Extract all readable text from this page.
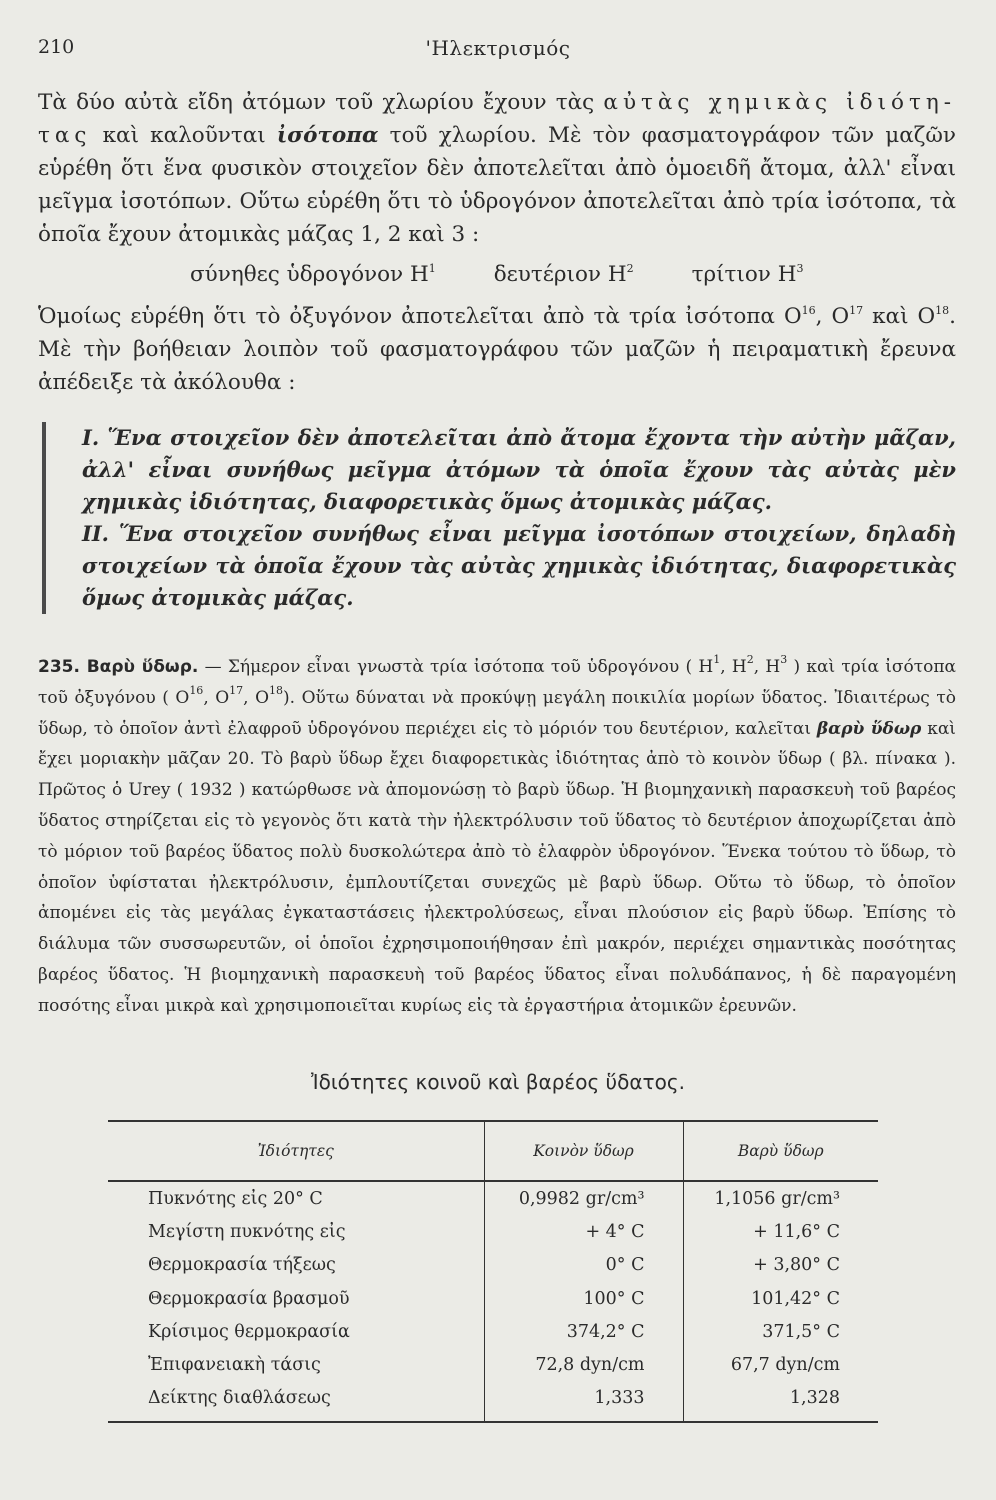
210	'Ηλεκτρισμός

Τὰ δύο αὐτὰ εἴδη ἀτόμων τοῦ χλωρίου ἔχουν τὰς αὐτὰς χημικὰς ἰδιότη-τας καὶ καλοῦνται ἰσότοπα τοῦ χλωρίου. Μὲ τὸν φασματογράφον τῶν μαζῶν εὑρέθη ὅτι ἕνα φυσικὸν στοιχεῖον δὲν ἀποτελεῖται ἀπὸ ὁμοειδῆ ἄτομα, ἀλλ' εἶναι μεῖγμα ἰσοτόπων. Οὕτω εὑρέθη ὅτι τὸ ὑδρογόνον ἀποτελεῖται ἀπὸ τρία ἰσότοπα, τὰ ὁποῖα ἔχουν ἀτομικὰς μάζας 1, 2 καὶ 3 :

σύνηθες ὑδρογόνον $H^1$	δευτέριον $H^2$	τρίτιον $H^3$

Ὁμοίως εὑρέθη ὅτι τὸ ὀξυγόνον ἀποτελεῖται ἀπὸ τὰ τρία ἰσότοπα $O^{16}$, $O^{17}$ καὶ $O^{18}$. Μὲ τὴν βοήθειαν λοιπὸν τοῦ φασματογράφου τῶν μαζῶν ἡ πειραματικὴ ἔρευνα ἀπέδειξε τὰ ἀκόλουθα :

I. Ἕνα στοιχεῖον δὲν ἀποτελεῖται ἀπὸ ἄτομα ἔχοντα τὴν αὐτὴν μᾶζαν, ἀλλ' εἶναι συνήθως μεῖγμα ἀτόμων τὰ ὁποῖα ἔχουν τὰς αὐτὰς μὲν χημικὰς ἰδιότητας, διαφορετικὰς ὅμως ἀτομικὰς μάζας.

II. Ἕνα στοιχεῖον συνήθως εἶναι μεῖγμα ἰσοτόπων στοιχείων, δηλαδὴ στοιχείων τὰ ὁποῖα ἔχουν τὰς αὐτὰς χημικὰς ἰδιότητας, διαφορετικὰς ὅμως ἀτομικὰς μάζας.

235. Βαρὺ ὕδωρ. — Σήμερον εἶναι γνωστὰ τρία ἰσότοπα τοῦ ὑδρογόνου ( $H^1$, $H^2$, $H^3$ ) καὶ τρία ἰσότοπα τοῦ ὀξυγόνου ( $O^{16}$, $O^{17}$, $O^{18}$). Οὕτω δύναται νὰ προκύψῃ μεγάλη ποικιλία μορίων ὕδατος. Ἰδιαιτέρως τὸ ὕδωρ, τὸ ὁποῖον ἀντὶ ἐλαφροῦ ὑδρογόνου περιέχει εἰς τὸ μόριόν του δευτέριον, καλεῖται βαρὺ ὕδωρ καὶ ἔχει μοριακὴν μᾶζαν 20. Τὸ βαρὺ ὕδωρ ἔχει διαφορετικὰς ἰδιότητας ἀπὸ τὸ κοινὸν ὕδωρ ( βλ. πίνακα ). Πρῶτος ὁ Urey ( 1932 ) κατώρθωσε νὰ ἀπομονώσῃ τὸ βαρὺ ὕδωρ. Ἡ βιομηχανικὴ παρασκευὴ τοῦ βαρέος ὕδατος στηρίζεται εἰς τὸ γεγονὸς ὅτι κατὰ τὴν ἠλεκτρόλυσιν τοῦ ὕδατος τὸ δευτέριον ἀποχωρίζεται ἀπὸ τὸ μόριον τοῦ βαρέος ὕδατος πολὺ δυσκολώτερα ἀπὸ τὸ ἐλαφρὸν ὑδρογόνον. Ἕνεκα τούτου τὸ ὕδωρ, τὸ ὁποῖον ὑφίσταται ἠλεκτρόλυσιν, ἐμπλουτίζεται συνεχῶς μὲ βαρὺ ὕδωρ. Οὕτω τὸ ὕδωρ, τὸ ὁποῖον ἀπομένει εἰς τὰς μεγάλας ἐγκαταστάσεις ἠλεκτρολύσεως, εἶναι πλούσιον εἰς βαρὺ ὕδωρ. Ἐπίσης τὸ διάλυμα τῶν συσσωρευτῶν, οἱ ὁποῖοι ἐχρησιμοποιήθησαν ἐπὶ μακρόν, περιέχει σημαντικὰς ποσότητας βαρέος ὕδατος. Ἡ βιομηχανικὴ παρασκευὴ τοῦ βαρέος ὕδατος εἶναι πολυδάπανος, ἡ δὲ παραγομένη ποσότης εἶναι μικρὰ καὶ χρησιμοποιεῖται κυρίως εἰς τὰ ἐργαστήρια ἀτομικῶν ἐρευνῶν.

Ἰδιότητες κοινοῦ καὶ βαρέος ὕδατος.
Ἰδιότητες	Κοινὸν ὕδωρ	Βαρὺ ὕδωρ
Πυκνότης εἰς 20° C	0,9982 gr/cm³	1,1056 gr/cm³
Μεγίστη πυκνότης εἰς	+ 4° C	+ 11,6° C
Θερμοκρασία τήξεως	0° C	+ 3,80° C
Θερμοκρασία βρασμοῦ	100° C	101,42° C
Κρίσιμος θερμοκρασία	374,2° C	371,5° C
Ἐπιφανειακὴ τάσις	72,8 dyn/cm	67,7 dyn/cm
Δείκτης διαθλάσεως	1,333	1,328
